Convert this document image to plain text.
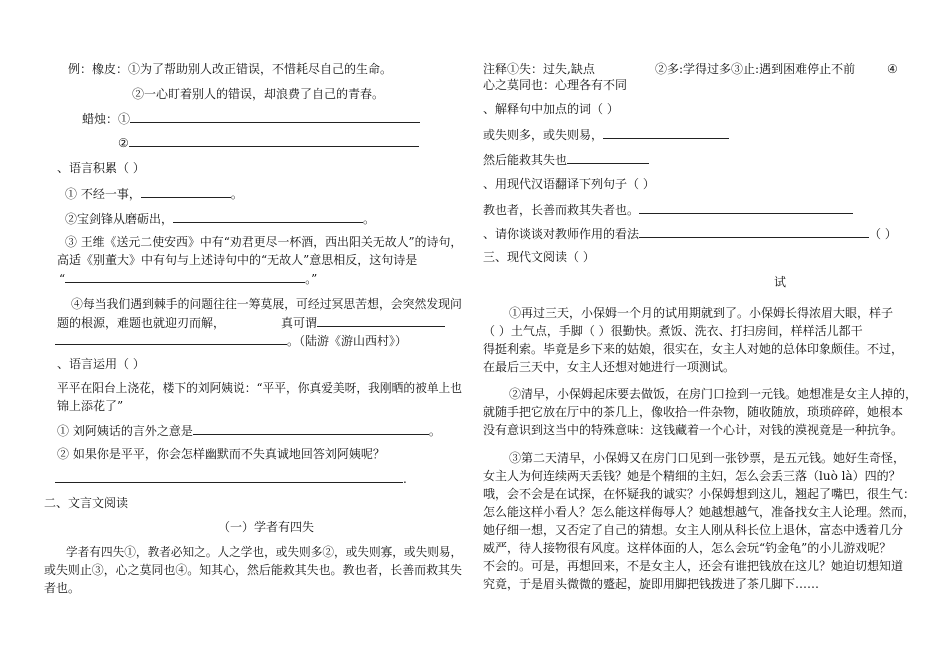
例：橡皮：①为了帮助别人改正错误，不惜耗尽自己的生命。
②一心盯着别人的错误，却浪费了自己的青春。
蜡烛：①
②
、语言积累（ ）
① 不经一事，	。
②宝剑锋从磨砺出，	。
③ 王维《送元二使安西》中有“劝君更尽一杯酒，西出阳关无故人”的诗句，
高适《别董大》中有句与上述诗句中的“无故人”意思相反，这句诗是
“	。”
④每当我们遇到棘手的问题往往一筹莫展，可经过冥思苦想，会突然发现问
题的根源，难题也就迎刃而解，	真可谓
。（陆游《游山西村》）
、语言运用（ ）
平平在阳台上浇花，楼下的刘阿姨说：“平平，你真爱美呀，我刚晒的被单上也
锦上添花了”
① 刘阿姨话的言外之意是	。
② 如果你是平平，你会怎样幽默而不失真诚地回答刘阿姨呢？
.
二、文言文阅读
（一）学者有四失
学者有四失①，教者必知之。人之学也，或失则多②，或失则寡，或失则易，
或失则止③，心之莫同也④。知其心，然后能救其失也。教也者，长善而救其失
者也。
注释①失：过失,缺点	②多:学得过多③止:遇到困难停止不前	④
心之莫同也：心理各有不同
、解释句中加点的词（ ）
或失则多，或失则易，
然后能救其失也
、用现代汉语翻译下列句子（ ）
教也者，长善而救其失者也。
、请你谈谈对教师作用的看法	（ ）
三、现代文阅读（ ）
试
①再过三天，小保姆一个月的试用期就到了。小保姆长得浓眉大眼，样子
（ ）土气点，手脚（ ）很勤快。煮饭、洗衣、打扫房间，样样活儿都干
得挺利索。毕竟是乡下来的姑娘，很实在，女主人对她的总体印象颇佳。不过，
在最后三天中，女主人还想对她进行一项测试。
②清早，小保姆起床要去做饭，在房门口捡到一元钱。她想准是女主人掉的，
就随手把它放在厅中的茶几上，像收拾一件杂物，随收随放，琐琐碎碎，她根本
没有意识到这当中的特殊意味：这钱藏着一个心计，对钱的漠视竟是一种抗争。
③第二天清早，小保姆又在房门口见到一张钞票，是五元钱。她好生奇怪，
女主人为何连续两天丢钱？她是个精细的主妇，怎么会丢三落（luò là）四的？
哦，会不会是在试探，在怀疑我的诚实？小保姆想到这儿，翘起了嘴巴，很生气：
怎么能这样小看人？怎么能这样侮辱人？她越想越气，准备找女主人论理。然而，
她仔细一想，又否定了自己的猜想。女主人刚从科长位上退休，富态中透着几分
威严，待人接物很有风度。这样体面的人，怎么会玩“钓金龟”的小儿游戏呢？
不会的。可是，再想回来，不是女主人，还会有谁把钱放在这儿？她迫切想知道
究竟，于是眉头微微的蹙起，旋即用脚把钱拨进了茶几脚下……
